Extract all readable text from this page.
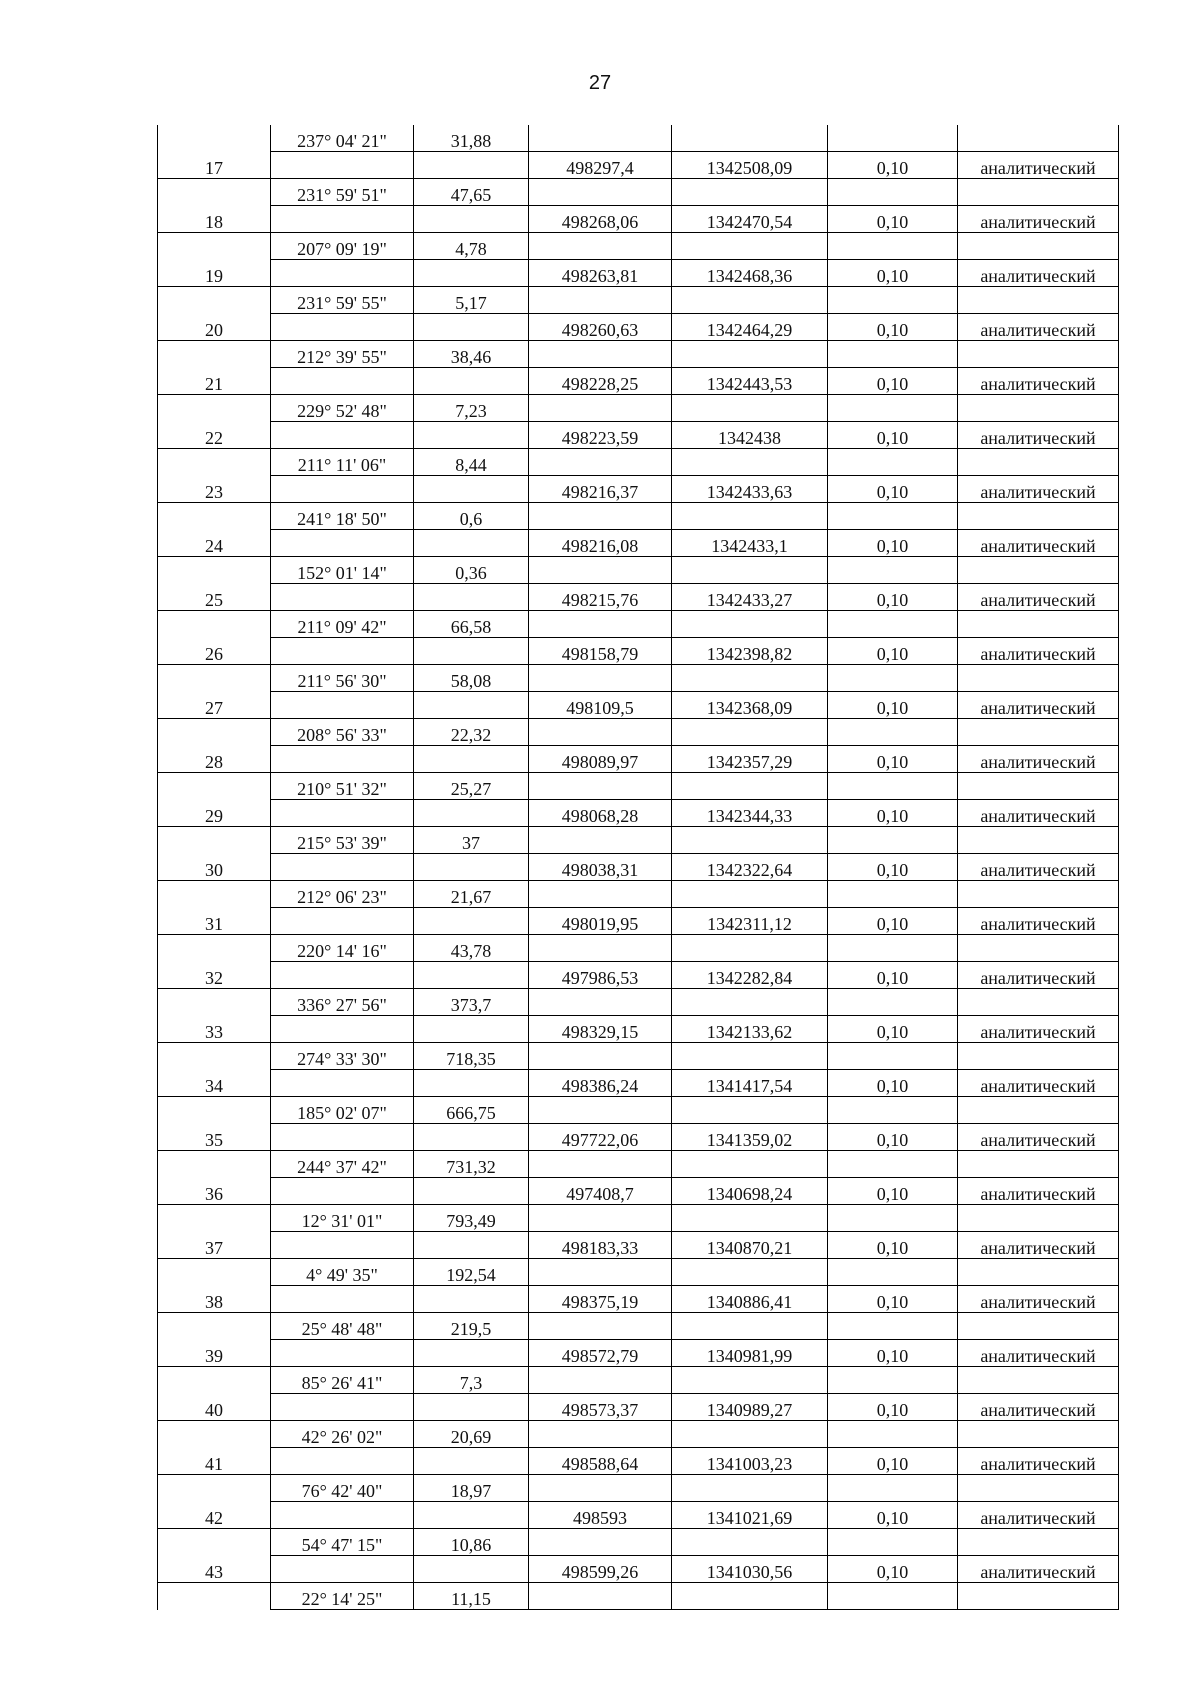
27
	237° 04' 21"	31,88				
17			498297,4	1342508,09	0,10	аналитический
	231° 59' 51"	47,65				
18			498268,06	1342470,54	0,10	аналитический
	207° 09' 19"	4,78				
19			498263,81	1342468,36	0,10	аналитический
	231° 59' 55"	5,17				
20			498260,63	1342464,29	0,10	аналитический
	212° 39' 55"	38,46				
21			498228,25	1342443,53	0,10	аналитический
	229° 52' 48"	7,23				
22			498223,59	1342438	0,10	аналитический
	211° 11' 06"	8,44				
23			498216,37	1342433,63	0,10	аналитический
	241° 18' 50"	0,6				
24			498216,08	1342433,1	0,10	аналитический
	152° 01' 14"	0,36				
25			498215,76	1342433,27	0,10	аналитический
	211° 09' 42"	66,58				
26			498158,79	1342398,82	0,10	аналитический
	211° 56' 30"	58,08				
27			498109,5	1342368,09	0,10	аналитический
	208° 56' 33"	22,32				
28			498089,97	1342357,29	0,10	аналитический
	210° 51' 32"	25,27				
29			498068,28	1342344,33	0,10	аналитический
	215° 53' 39"	37				
30			498038,31	1342322,64	0,10	аналитический
	212° 06' 23"	21,67				
31			498019,95	1342311,12	0,10	аналитический
	220° 14' 16"	43,78				
32			497986,53	1342282,84	0,10	аналитический
	336° 27' 56"	373,7				
33			498329,15	1342133,62	0,10	аналитический
	274° 33' 30"	718,35				
34			498386,24	1341417,54	0,10	аналитический
	185° 02' 07"	666,75				
35			497722,06	1341359,02	0,10	аналитический
	244° 37' 42"	731,32				
36			497408,7	1340698,24	0,10	аналитический
	12° 31' 01"	793,49				
37			498183,33	1340870,21	0,10	аналитический
	4° 49' 35"	192,54				
38			498375,19	1340886,41	0,10	аналитический
	25° 48' 48"	219,5				
39			498572,79	1340981,99	0,10	аналитический
	85° 26' 41"	7,3				
40			498573,37	1340989,27	0,10	аналитический
	42° 26' 02"	20,69				
41			498588,64	1341003,23	0,10	аналитический
	76° 42' 40"	18,97				
42			498593	1341021,69	0,10	аналитический
	54° 47' 15"	10,86				
43			498599,26	1341030,56	0,10	аналитический
	22° 14' 25"	11,15				
